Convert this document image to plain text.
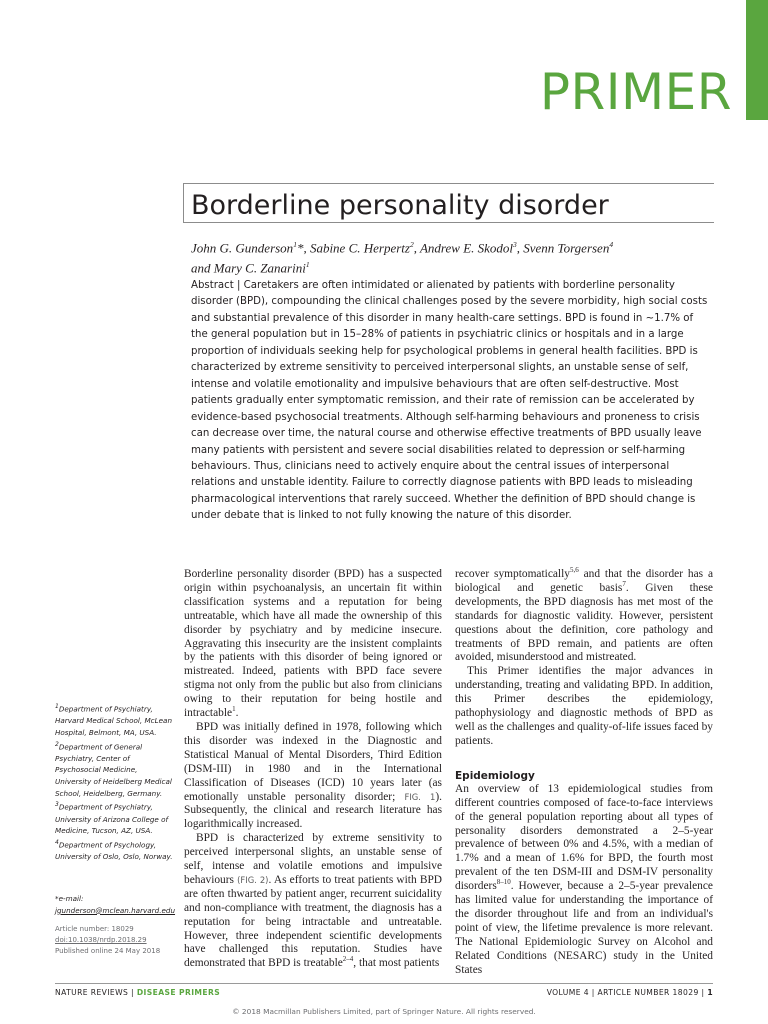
PRIMER
Borderline personality disorder
John G. Gunderson$^1$*, Sabine C. Herpertz$^2$, Andrew E. Skodol$^3$, Svenn Torgersen$^4$
and Mary C. Zanarini$^1$
Abstract | Caretakers are often intimidated or alienated by patients with borderline personality disorder (BPD), compounding the clinical challenges posed by the severe morbidity, high social costs and substantial prevalence of this disorder in many health-care settings. BPD is found in ~1.7% of the general population but in 15–28% of patients in psychiatric clinics or hospitals and in a large proportion of individuals seeking help for psychological problems in general health facilities. BPD is characterized by extreme sensitivity to perceived interpersonal slights, an unstable sense of self, intense and volatile emotionality and impulsive behaviours that are often self-destructive. Most patients gradually enter symptomatic remission, and their rate of remission can be accelerated by evidence-based psychosocial treatments. Although self-harming behaviours and proneness to crisis can decrease over time, the natural course and otherwise effective treatments of BPD usually leave many patients with persistent and severe social disabilities related to depression or self-harming behaviours. Thus, clinicians need to actively enquire about the central issues of interpersonal relations and unstable identity. Failure to correctly diagnose patients with BPD leads to misleading pharmacological interventions that rarely succeed. Whether the definition of BPD should change is under debate that is linked to not fully knowing the nature of this disorder.

Borderline personality disorder (BPD) has a suspected origin within psychoanalysis, an uncertain fit within classification systems and a reputation for being untreatable, which have all made the ownership of this disorder by psychiatry and by medicine insecure. Aggravating this insecurity are the insistent complaints by the patients with this disorder of being ignored or mistreated. Indeed, patients with BPD face severe stigma not only from the public but also from clinicians owing to their reputation for being hostile and intractable$^1$.

BPD was initially defined in 1978, following which this disorder was indexed in the Diagnostic and Statistical Manual of Mental Disorders, Third Edition (DSM-III) in 1980 and in the International Classification of Diseases (ICD) 10 years later (as emotionally unstable personality disorder; FIG. 1). Subsequently, the clinical and research literature has logarithmically increased.

BPD is characterized by extreme sensitivity to perceived interpersonal slights, an unstable sense of self, intense and volatile emotions and impulsive behaviours (FIG. 2). As efforts to treat patients with BPD are often thwarted by patient anger, recurrent suicidality and non-compliance with treatment, the diagnosis has a reputation for being intractable and untreatable. However, three independent scientific developments have challenged this reputation. Studies have demonstrated that BPD is treatable$^{2-4}$, that most patients

recover symptomatically$^{5,6}$ and that the disorder has a biological and genetic basis$^7$. Given these developments, the BPD diagnosis has met most of the standards for diagnostic validity. However, persistent questions about the definition, core pathology and treatments of BPD remain, and patients are often avoided, misunderstood and mistreated.

This Primer identifies the major advances in understanding, treating and validating BPD. In addition, this Primer describes the epidemiology, pathophysiology and diagnostic methods of BPD as well as the challenges and quality-of-life issues faced by patients.

Epidemiology

An overview of 13 epidemiological studies from different countries composed of face-to-face interviews of the general population reporting about all types of personality disorders demonstrated a 2–5-year prevalence of between 0% and 4.5%, with a median of 1.7% and a mean of 1.6% for BPD, the fourth most prevalent of the ten DSM-III and DSM-IV personality disorders$^{8-10}$. However, because a 2–5-year prevalence has limited value for understanding the importance of the disorder throughout life and from an individual's point of view, the lifetime prevalence is more relevant. The National Epidemiologic Survey on Alcohol and Related Conditions (NESARC) study in the United States

$^1$Department of Psychiatry, Harvard Medical School, McLean Hospital, Belmont, MA, USA.
$^2$Department of General Psychiatry, Center of Psychosocial Medicine, University of Heidelberg Medical School, Heidelberg, Germany.
$^3$Department of Psychiatry, University of Arizona College of Medicine, Tucson, AZ, USA.
$^4$Department of Psychology, University of Oslo, Oslo, Norway.
*e-mail: jgunderson@mclean.harvard.edu
Article number: 18029
doi:10.1038/nrdp.2018.29
Published online 24 May 2018
NATURE REVIEWS | DISEASE PRIMERS	VOLUME 4 | ARTICLE NUMBER 18029 | 1
© 2018 Macmillan Publishers Limited, part of Springer Nature. All rights reserved.
